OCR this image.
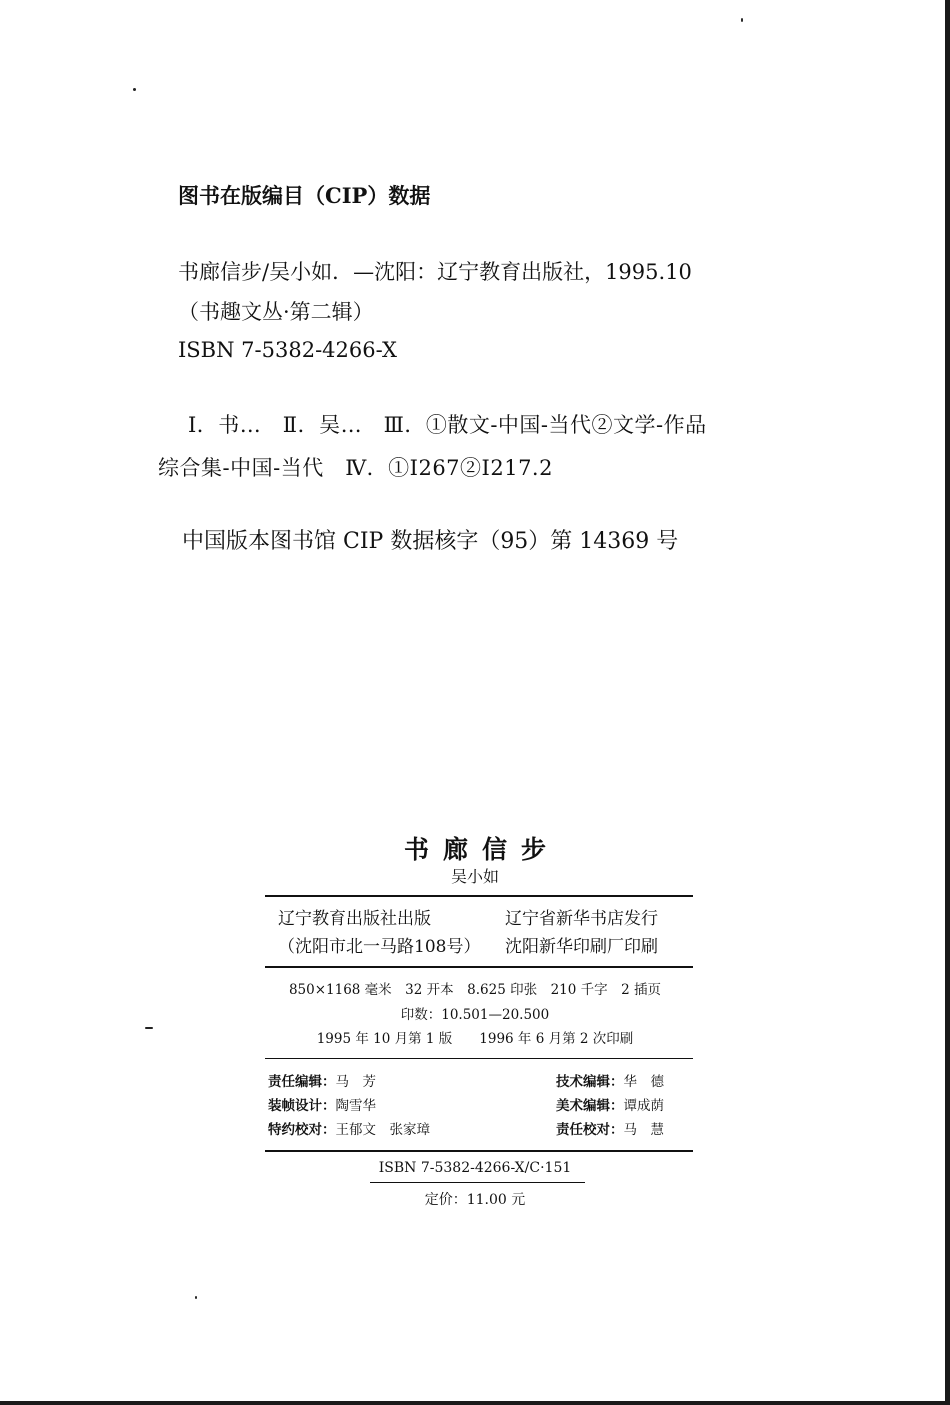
图书在版编目（CIP）数据
书廊信步/吴小如．—沈阳：辽宁教育出版社，1995.10
（书趣文丛·第二辑）
ISBN 7-5382-4266-X
Ⅰ．书…　Ⅱ．吴…　Ⅲ．①散文-中国-当代②文学-作品
综合集-中国-当代　Ⅳ．①Ⅰ267②Ⅰ217.2
中国版本图书馆 CIP 数据核字（95）第 14369 号
书廊信步
吴小如
辽宁教育出版社出版
（沈阳市北一马路108号）
辽宁省新华书店发行
沈阳新华印刷厂印刷
850×1168 毫米　32 开本　8.625 印张　210 千字　2 插页
印数：10.501—20.500
1995 年 10 月第 1 版　　1996 年 6 月第 2 次印刷
责任编辑：马　芳
装帧设计：陶雪华
特约校对：王郁文　张家璋
技术编辑：华　德
美术编辑：谭成荫
责任校对：马　慧
ISBN 7-5382-4266-X/C·151
定价：11.00 元
